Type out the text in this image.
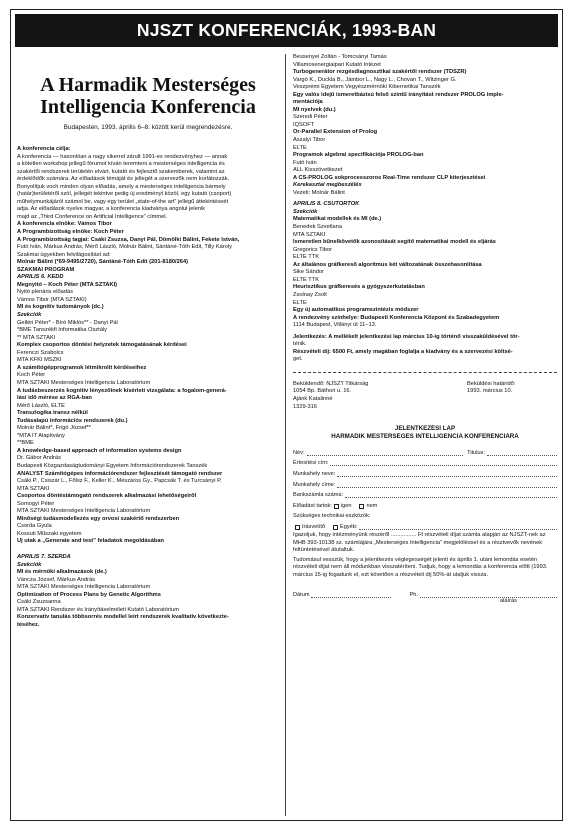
NJSZT KONFERENCIÁK, 1993-BAN
A Harmadik Mesterséges
Intelligencia Konferencia
Budapesten, 1993. április 6–8. között kerül megrendezésre.
A konferencia célja:
A konferencia — hasonlóan a nagy sikerrel zárult 1991-es rendezvényhez — annak
a kötetlen workshop jellegű fórumot kíván teremteni a mesterséges intelligencia és
szakértői rendszerek területén elvárt, kutató és fejlesztő szakemberek, valamint az
érdeklődők számára. Az előadások témáját és jellegét a szervezők nem korlátozzák.
Bonyolítjuk voch minden olyan előadás, amely a mesterséges intelligencia bármely
(határ)területéről szól, jellegét tekintve pedig új eredményt közöl, egy kutató (csoport)
műhelymunkájáról számol be, vagy egy terület „state-of-the art” jellegű áttekintéseét
adja. Az előadások nyelve magyar, a konferencia kiadványa angolul jelenik
majd az „Third Conference on Artificial Intelligence” címmel.
A konferencia elnöke: Vámos Tibor
A Programbizottság elnöke: Koch Péter
A Programbizottság tagjai: Csáki Zsuzsa, Danyi Pál, Dömölki Bálint, Fekete István,
Futó Iván, Márkus András, Mérő László, Molnár Bálint, Sántáné-Tóth Edit, Tilly Károly
Szakmai ügyekben felvilágosítást ad:
Molnár Bálint (*69-9495/2720), Sántáné-Tóth Edit (201-8180/264)
SZAKMAI PROGRAM
ÁPRILIS 6. KEDD
Megnyitó – Koch Péter (MTA SZTAKI)
Nyitó plenáris előadás
Vámos Tibor (MTA SZTAKI)
MI és kognitív tudományok (dc.)
Szekciók
Gelléri Péter* - Bíró Miklós** - Danyi Pál
*BME Tanszékfi Informatika Osztály
** MTA SZTAKI
Komplex csoportos döntési helyzetek támogatásának kérdései
Ferenczi Szabolcs
MTA KFKI MSZKI
A számítógépprogramok létmikrolit kérdéseihez
Koch Péter
MTA SZTAKI Mesterséges Intelligencia Laboratórium
A tudásbeszerzés kognitív lényezőinek kísérleti vizsgálata: a fogalom-generá-
lási idő mérése az RGA-ban
Mérő László, ELTE
Transzlogika transz nélkül
Tudásalapú információs rendszerek (du.)
Molnár Bálint*, Frigó József**
*MTA IT Alapítvány
**BME
A knowledge-based approach of information systems design
Dr. Gábor András
Budapesti Közgazdaságtudományi Egyetem Információrendszerek Tanszék
ANALYST Számítógépes információrendszer fejlesztését támogató rendszer
Csáki P., Csiszár L., Főlsz F., Keller K., Mészáros Gy., Papcsák T. és Turcsányi P.
MTA SZTAKI
Csoportos döntéstámogató rendszerek alkalmazási lehetőségeiről
Somogyi Péter
MTA SZTAKI Mesterséges Intelligencia Laboratórium
Minőségi tudásmodellezés egy orvosi szakértő rendszerben
Csorda Gyula
Kossuti Műszaki egyetem
Új utak a „Generate and test” feladatok megoldásában
ÁPRILIS 7. SZERDA
Szekciók
MI és mérnöki alkalmazások (de.)
Váncza József, Márkus András
MTA SZTAKI Mesterséges Intelligencia Laboratórium
Optimization of Process Plans by Genetic Algorithms
Csáki Zsuzsanna
MTA SZTAKI Rendszer és Irányításelméleti Kutató Laboratórium
Konzervatív tanulás többsorrés modellel leírt rendszerek kvalitatív következte-
téséhez.
Bessenyei Zoltán - Tomcsányi Tamás
Villamosenergiaipari Kutató Intézet
Turbogenerátor rezgésdiagnosztikai szakértői rendszer (TDSZR)
Vargó K., Duckla B., Jámbor L., Nagy L., Chovan T., Witzinger G.
Veszprémi Egyetem Vegyészmérnöki Kibernetikai Tanszék
Egy valós idejű ismeretbázisú felső szintű irányítást rendszer PROLOG imple-
mentációja
MI nyelvek (du.)
Szeredi Péter
IQSOFT
Or-Parallel Extension of Prolog
Aszalyi Tibor
ELTE
Programok algebrai specifikációja PROLOG-ban
Futó Iván
ALL Kisszövetkezet
A CS-PROLOG sokprocesszoros Real-Time rendszer CLP kiterjesztései
Kerekasztal megbeszélés
Vezeti: Molnár Bálint
ÁPRILIS 8. CSÜTÖRTÖK
Szekciók
Matematikai modellek és MI (de.)
Benedek Szvetlana
MTA SZTAKI
Ismeretlen bűnelkövetők azonosítását segítő matematikai modell és eljárás
Gregorics Tibor
ELTE TTK
Az általános gráfkereső algoritmus két változatának összehasonlítása
Sike Sándor
ELTE TTK
Heurisztikus gráfkeresés a gyógyszerkutatásban
Zsolnay Zsolt
ELTE
Egy új automatikus programszintézis módszer
A rendezvény színhelye: Budapesti Konferencia Központ és Szabadegyetem
1114 Budapest, Villányi út 11–13.
Jelentkezés: A mellékelt jelentkezési lap március 10-ig történő visszaküldésével tör-
ténik.
Részvételi díj: 6500 Ft, amely magában foglalja a kiadvány és a szervezési költsé-
get.
Beküldendő: NJSZT Titkárság
1054 Bp. Báthori u. 16.
Ajánk Katalinné
1329-316
Beküldési határidő:
1993. március 10.
JELENTKEZÉSI LAP
HARMADIK MESTERSÉGES INTELLIGENCIA KONFERENCIÁRA
Név:	Titulus:
Értesítési cím:
Munkahely neve:
Munkahely címe:
Bankszámla száma:
Előadást tartok: igen	nem
Szükséges technikai eszközök:
írásvetítő	Egyéb:
Igazoljuk, hogy intézményünk részéről ................ Ft részvételi díjat számla alapján az NJSZT-nek az MHB 393-10138 sz. számlájára „Mesterséges Intelligencia” megjelöléssel és a résztvevők nevének feltüntetésével átutaltuk.
Tudomásul vesszük, hogy a jelentkezés véglegességét jelenti és április 1. utáni lemondás esetén részvételi díjat nem áll módunkban visszatéríteni. Tudjuk, hogy a lemondás a konferencia előtt (1993. március 15-ig fogadunk el, ezt követően a részvételi díj 50%-át utaljuk vissza.
Dátum	Ph.
aláírás
